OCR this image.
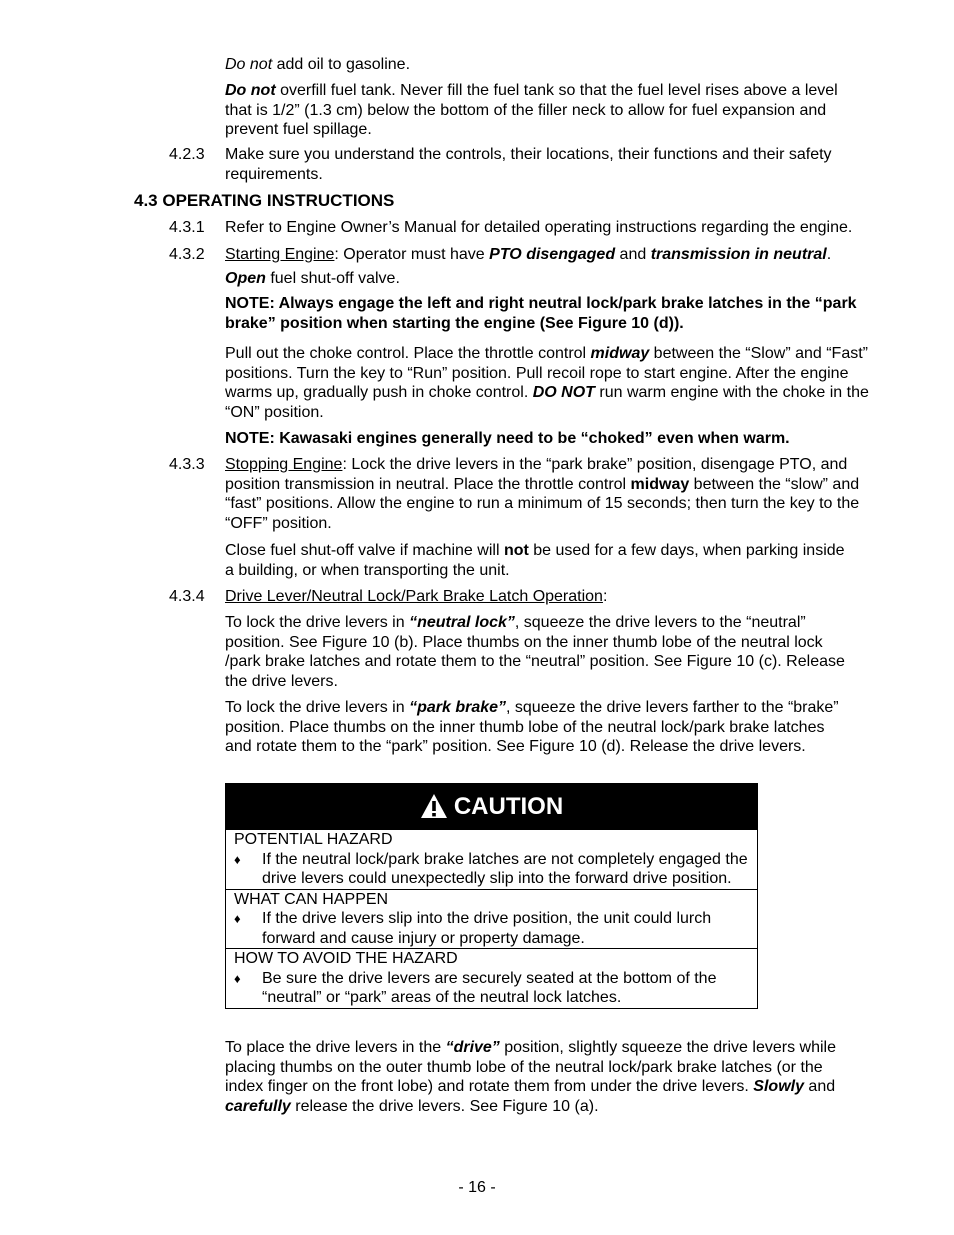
Do not add oil to gasoline.
Do not overfill fuel tank. Never fill the fuel tank so that the fuel level rises above a level that is 1/2” (1.3 cm) below the bottom of the filler neck to allow for fuel expansion and prevent fuel spillage.
4.2.3 Make sure you understand the controls, their locations, their functions and their safety requirements.
4.3 OPERATING INSTRUCTIONS
4.3.1 Refer to Engine Owner’s Manual for detailed operating instructions regarding the engine.
4.3.2 Starting Engine: Operator must have PTO disengaged and transmission in neutral.
Open fuel shut-off valve.
NOTE: Always engage the left and right neutral lock/park brake latches in the “park brake” position when starting the engine (See Figure 10 (d)).
Pull out the choke control. Place the throttle control midway between the “Slow” and “Fast” positions. Turn the key to “Run” position. Pull recoil rope to start engine. After the engine warms up, gradually push in choke control. DO NOT run warm engine with the choke in the “ON” position.
NOTE: Kawasaki engines generally need to be “choked” even when warm.
4.3.3 Stopping Engine: Lock the drive levers in the “park brake” position, disengage PTO, and position transmission in neutral. Place the throttle control midway between the “slow” and “fast” positions. Allow the engine to run a minimum of 15 seconds; then turn the key to the “OFF” position.
Close fuel shut-off valve if machine will not be used for a few days, when parking inside a building, or when transporting the unit.
4.3.4 Drive Lever/Neutral Lock/Park Brake Latch Operation:
To lock the drive levers in “neutral lock”, squeeze the drive levers to the “neutral” position. See Figure 10 (b). Place thumbs on the inner thumb lobe of the neutral lock /park brake latches and rotate them to the “neutral” position. See Figure 10 (c). Release the drive levers.
To lock the drive levers in “park brake”, squeeze the drive levers farther to the “brake” position. Place thumbs on the inner thumb lobe of the neutral lock/park brake latches and rotate them to the “park” position. See Figure 10 (d). Release the drive levers.
CAUTION
POTENTIAL HAZARD
♦	If the neutral lock/park brake latches are not completely engaged the drive levers could unexpectedly slip into the forward drive position.
WHAT CAN HAPPEN
♦	If the drive levers slip into the drive position, the unit could lurch forward and cause injury or property damage.
HOW TO AVOID THE HAZARD
♦	Be sure the drive levers are securely seated at the bottom of the “neutral” or “park” areas of the neutral lock latches.
To place the drive levers in the “drive” position, slightly squeeze the drive levers while placing thumbs on the outer thumb lobe of the neutral lock/park brake latches (or the index finger on the front lobe) and rotate them from under the drive levers. Slowly and carefully release the drive levers. See Figure 10 (a).
- 16 -
